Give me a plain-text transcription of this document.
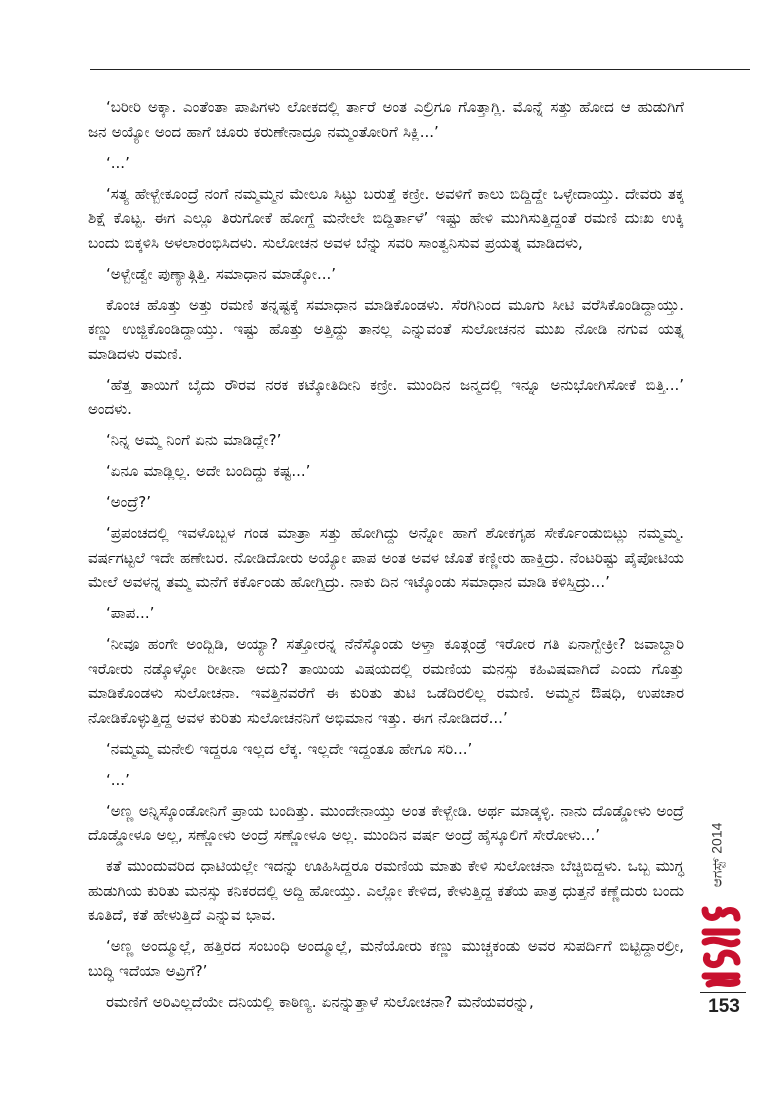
‘ಬರೀರಿ ಅಕ್ಕಾ. ಎಂತೆಂತಾ ಪಾಪಿಗಳು ಲೋಕದಲ್ಲಿ ರ್ತಾರೆ ಅಂತ ಎಲ್ರಿಗೂ ಗೊತ್ತಾಗ್ಲಿ. ಮೊನ್ನೆ ಸತ್ತು ಹೋದ ಆ ಹುಡುಗಿಗೆ ಜನ ಅಯ್ಯೋ ಅಂದ ಹಾಗೆ ಚೂರು ಕರುಣೇನಾದ್ರೂ ನಮ್ಮಂತೋರಿಗೆ ಸಿಕ್ಲಿ...’

‘...’

‘ಸತ್ಯ ಹೇಳ್ಬೇಕೂಂದ್ರೆ ನಂಗೆ ನಮ್ಮಮ್ಮನ ಮೇಲೂ ಸಿಟ್ಟು ಬರುತ್ತೆ ಕಣ್ರೀ. ಅವಳಿಗೆ ಕಾಲು ಬಿದ್ದಿದ್ದೇ ಒಳ್ಳೇದಾಯ್ತು. ದೇವರು ತಕ್ಕ ಶಿಕ್ಷೆ ಕೊಟ್ಟ. ಈಗ ಎಲ್ಲೂ ತಿರುಗೋಕೆ ಹೋಗ್ದೆ ಮನೇಲೇ ಬಿದ್ದಿರ್ತಾಳೆ’ ಇಷ್ಟು ಹೇಳಿ ಮುಗಿಸುತ್ತಿದ್ದಂತೆ ರಮಣಿ ದುಃಖ ಉಕ್ಕಿ ಬಂದು ಬಿಕ್ಕಳಿಸಿ ಅಳಲಾರಂಭಿಸಿದಳು. ಸುಲೋಚನ ಅವಳ ಬೆನ್ನು ಸವರಿ ಸಾಂತ್ವನಿಸುವ ಪ್ರಯತ್ನ ಮಾಡಿದಳು,

‘ಅಳ್ಬೇಡ್ವೇ ಪುಣ್ಯಾತ್ಗಿತ್ತಿ. ಸಮಾಧಾನ ಮಾಡ್ಕೋ...’

ಕೊಂಚ ಹೊತ್ತು ಅತ್ತು ರಮಣಿ ತನ್ನಷ್ಟಕ್ಕೆ ಸಮಾಧಾನ ಮಾಡಿಕೊಂಡಳು. ಸೆರಗಿನಿಂದ ಮೂಗು ಸೀಟಿ ವರೆಸಿಕೊಂಡಿದ್ದಾಯ್ತು. ಕಣ್ಣು ಉಜ್ಜಿಕೊಂಡಿದ್ದಾಯ್ತು. ಇಷ್ಟು ಹೊತ್ತು ಅತ್ತಿದ್ದು ತಾನಲ್ಲ ಎನ್ನುವಂತೆ ಸುಲೋಚನನ ಮುಖ ನೋಡಿ ನಗುವ ಯತ್ನ ಮಾಡಿದಳು ರಮಣಿ.

‘ಹೆತ್ತ ತಾಯಿಗೆ ಬೈದು ರೌರವ ನರಕ ಕಟ್ಕೋತಿದೀನಿ ಕಣ್ರೀ. ಮುಂದಿನ ಜನ್ಮದಲ್ಲಿ ಇನ್ನೂ ಅನುಭೋಗಿಸೋಕೆ ಬಿತ್ತಿ...’ ಅಂದಳು.

‘ನಿನ್ನ ಅಮ್ಮ ನಿಂಗೆ ಏನು ಮಾಡಿದ್ಲೇ?’

‘ಏನೂ ಮಾಡ್ಲಿಲ್ಲ. ಅದೇ ಬಂದಿದ್ದು ಕಷ್ಟ...’

‘ಅಂದ್ರೆ?’

‘ಪ್ರಪಂಚದಲ್ಲಿ ಇವಳೊಬ್ಬಳ ಗಂಡ ಮಾತ್ರಾ ಸತ್ತು ಹೋಗಿದ್ದು ಅನ್ನೋ ಹಾಗೆ ಶೋಕಗೃಹ ಸೇರ್ಕೊಂಡುಬಿಟ್ಲು ನಮ್ಮಮ್ಮ. ವರ್ಷಗಟ್ಟಲೆ ಇದೇ ಹಣೇಬರ. ನೋಡಿದೋರು ಅಯ್ಯೋ ಪಾಪ ಅಂತ ಅವಳ ಜೊತೆ ಕಣ್ಣೀರು ಹಾಕ್ತಿದ್ರು. ನೆಂಟರಿಷ್ಟು ಪೈಪೋಟಿಯ ಮೇಲೆ ಅವಳನ್ನ ತಮ್ಮ ಮನೆಗೆ ಕರ್ಕೊಂಡು ಹೋಗ್ತಿದ್ರು. ನಾಕು ದಿನ ಇಟ್ಕೊಂಡು ಸಮಾಧಾನ ಮಾಡಿ ಕಳಿಸ್ತಿದ್ರು...’

‘ಪಾಪ...’

‘ನೀವೂ ಹಂಗೇ ಅಂದ್ಬಿಡಿ, ಅಯ್ಯಾ? ಸತ್ತೋರನ್ನ ನೆನೆಸ್ಕೊಂಡು ಅಳ್ತಾ ಕೂತ್ಗಂಡ್ರೆ ಇರೋರ ಗತಿ ಏನಾಗ್ಬೇಕ್ರೀ? ಜವಾಬ್ದಾರಿ ಇರೋರು ನಡ್ಕೊಳ್ಳೋ ರೀತೀನಾ ಅದು? ತಾಯಿಯ ವಿಷಯದಲ್ಲಿ ರಮಣಿಯ ಮನಸ್ಸು ಕಹಿವಿಷವಾಗಿದೆ ಎಂದು ಗೊತ್ತು ಮಾಡಿಕೊಂಡಳು ಸುಲೋಚನಾ. ಇವತ್ತಿನವರೆಗೆ ಈ ಕುರಿತು ತುಟಿ ಒಡೆದಿರಲಿಲ್ಲ ರಮಣಿ. ಅಮ್ಮನ ಔಷಧಿ, ಉಪಚಾರ ನೋಡಿಕೊಳ್ಳುತ್ತಿದ್ದ ಅವಳ ಕುರಿತು ಸುಲೋಚನನಿಗೆ ಅಭಿಮಾನ ಇತ್ತು. ಈಗ ನೋಡಿದರೆ...’

‘ನಮ್ಮಮ್ಮ ಮನೇಲಿ ಇದ್ದರೂ ಇಲ್ಲದ ಲೆಕ್ಕ. ಇಲ್ಲದೇ ಇದ್ದಂತೂ ಹೇಗೂ ಸರಿ...’

‘...’

‘ಅಣ್ಣ ಅನ್ನಿಸ್ಕೊಂಡೋನಿಗೆ ಪ್ರಾಯ ಬಂದಿತ್ತು. ಮುಂದೇನಾಯ್ತು ಅಂತ ಕೇಳ್ಬೇಡಿ. ಅರ್ಥ ಮಾಡ್ಕಳ್ಳಿ. ನಾನು ದೊಡ್ಡೋಳು ಅಂದ್ರೆ ದೊಡ್ಡೋಳೂ ಅಲ್ಲ, ಸಣ್ಣೋಳು ಅಂದ್ರೆ ಸಣ್ಣೋಳೂ ಅಲ್ಲ. ಮುಂದಿನ ವರ್ಷ ಅಂದ್ರೆ ಹೈಸ್ಕೂಲಿಗೆ ಸೇರೋಳು...’

ಕತೆ ಮುಂದುವರಿದ ಧಾಟಿಯಲ್ಲೇ ಇದನ್ನು ಊಹಿಸಿದ್ದರೂ ರಮಣಿಯ ಮಾತು ಕೇಳಿ ಸುಲೋಚನಾ ಬೆಚ್ಚಿಬಿದ್ದಳು. ಒಬ್ಬ ಮುಗ್ಧ ಹುಡುಗಿಯ ಕುರಿತು ಮನಸ್ಸು ಕನಿಕರದಲ್ಲಿ ಅದ್ದಿ ಹೋಯ್ತು. ಎಲ್ಲೋ ಕೇಳಿದ, ಕೇಳುತ್ತಿದ್ದ ಕತೆಯ ಪಾತ್ರ ಧುತ್ತನೆ ಕಣ್ಣೆದುರು ಬಂದು ಕೂತಿದೆ, ಕತೆ ಹೇಳುತ್ತಿದೆ ಎನ್ನುವ ಭಾವ.

‘ಅಣ್ಣ ಅಂದ್ಮೂಲ್ಲೆ, ಹತ್ತಿರದ ಸಂಬಂಧಿ ಅಂದ್ಮೂಲ್ಲೆ, ಮನೆಯೋರು ಕಣ್ಣು ಮುಚ್ಚಕಂಡು ಅವರ ಸುಪರ್ದಿಗೆ ಬಿಟ್ಟಿದ್ದಾರಲ್ರೀ, ಬುದ್ಧಿ ಇದೆಯಾ ಅವ್ರಿಗೆ?’

ರಮಣಿಗೆ ಅರಿವಿಲ್ಲದೆಯೇ ದನಿಯಲ್ಲಿ ಕಾಠಿಣ್ಯ. ಏನನ್ನುತ್ತಾಳೆ ಸುಲೋಚನಾ? ಮನೆಯವರನ್ನು,

ಆಗಸ್ಟ್ 2014
153
